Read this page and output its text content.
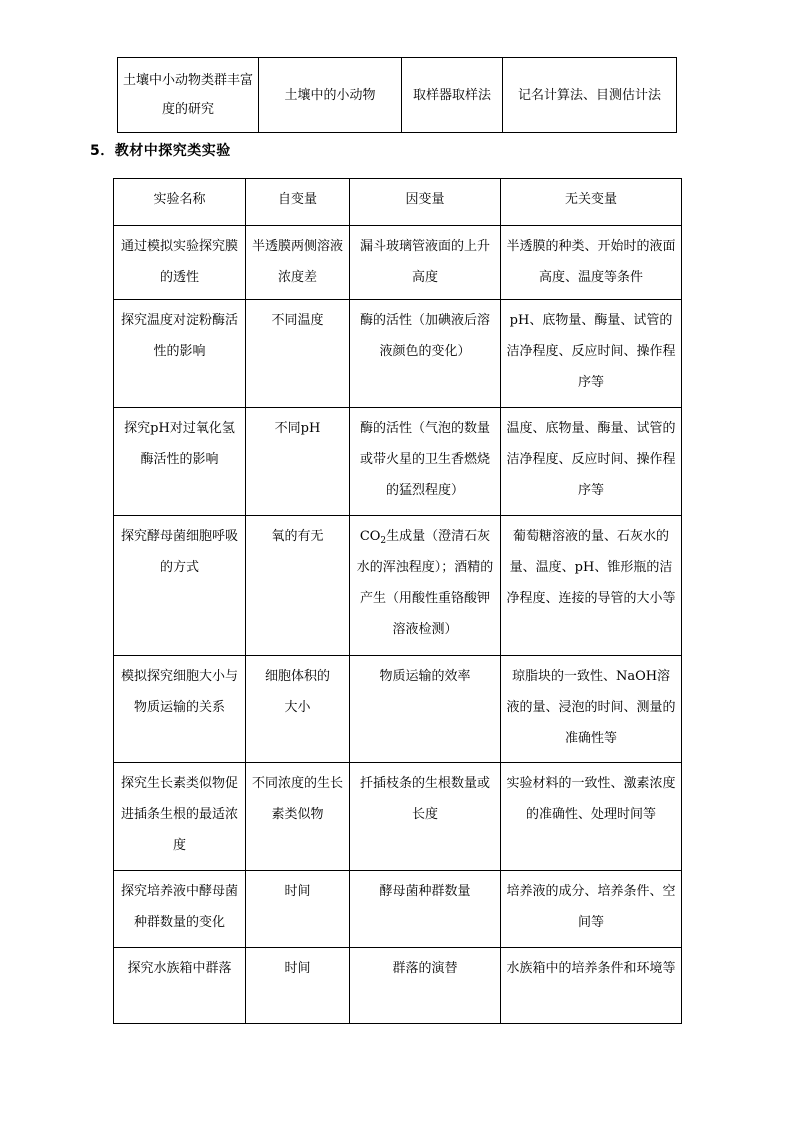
土壤中小动物类群丰富度的研究	土壤中的小动物	取样器取样法	记名计算法、目测估计法
5．教材中探究类实验
实验名称	自变量	因变量	无关变量
通过模拟实验探究膜的透性	半透膜两侧溶液浓度差	漏斗玻璃管液面的上升高度	半透膜的种类、开始时的液面高度、温度等条件
探究温度对淀粉酶活性的影响	不同温度	酶的活性（加碘液后溶液颜色的变化）	pH、底物量、酶量、试管的洁净程度、反应时间、操作程序等
探究pH对过氧化氢酶活性的影响	不同pH	酶的活性（气泡的数量或带火星的卫生香燃烧的猛烈程度）	温度、底物量、酶量、试管的洁净程度、反应时间、操作程序等
探究酵母菌细胞呼吸的方式	氧的有无	$CO_2$生成量（澄清石灰水的浑浊程度）；酒精的产生（用酸性重铬酸钾溶液检测）	葡萄糖溶液的量、石灰水的量、温度、pH、锥形瓶的洁净程度、连接的导管的大小等
模拟探究细胞大小与物质运输的关系	细胞体积的大小	物质运输的效率	琼脂块的一致性、NaOH溶液的量、浸泡的时间、测量的准确性等
探究生长素类似物促进插条生根的最适浓度	不同浓度的生长素类似物	扦插枝条的生根数量或长度	实验材料的一致性、激素浓度的准确性、处理时间等
探究培养液中酵母菌种群数量的变化	时间	酵母菌种群数量	培养液的成分、培养条件、空间等
探究水族箱中群落	时间	群落的演替	水族箱中的培养条件和环境等
